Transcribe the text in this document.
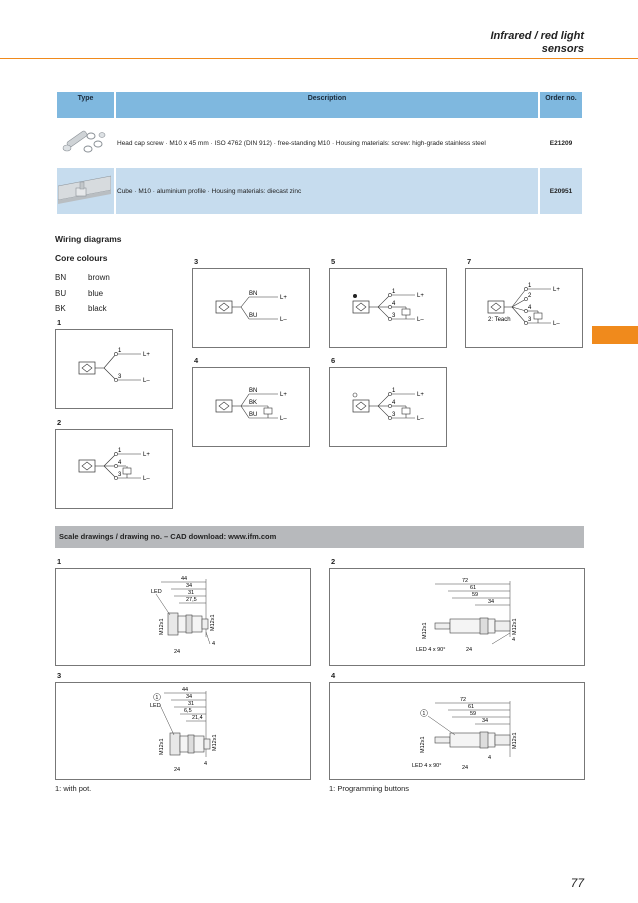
Infrared / red light
sensors
Type	Description	Order no.
	Head cap screw · M10 x 45 mm · ISO 4762 (DIN 912) · free-standing M10 · Housing materials: screw: high-grade stainless steel	E21209
	Cube · M10 · aluminium profile · Housing materials: diecast zinc	E20951
Wiring diagrams
Core colours
BN	brown
BU	blue
BK	black
1
2
3
4
5
6
7
1
3
L+
L–
1
4
3
L+
L–
BN
BU
L+
L–
BN
BK
BU
L+
L–
1
4
3
L+
L–
1
4
3
L+
L–
1
2
4
3
L+
L–
2: Teach
Scale drawings / drawing no. – CAD download: www.ifm.com
1	2
3	4
44
34
31
27,5
4
LED
M12x1	M12x1
24
72
61
59
34
4
LED 4 x 90°
M12x1	M12x1
24
1
44
34
31
6,5
21,4
4
LED
M12x1	M12x1
24
1
72
61
59
34
4
LED 4 x 90°
M12x1	M12x1
24
1: with pot.	1: Programming buttons
77
